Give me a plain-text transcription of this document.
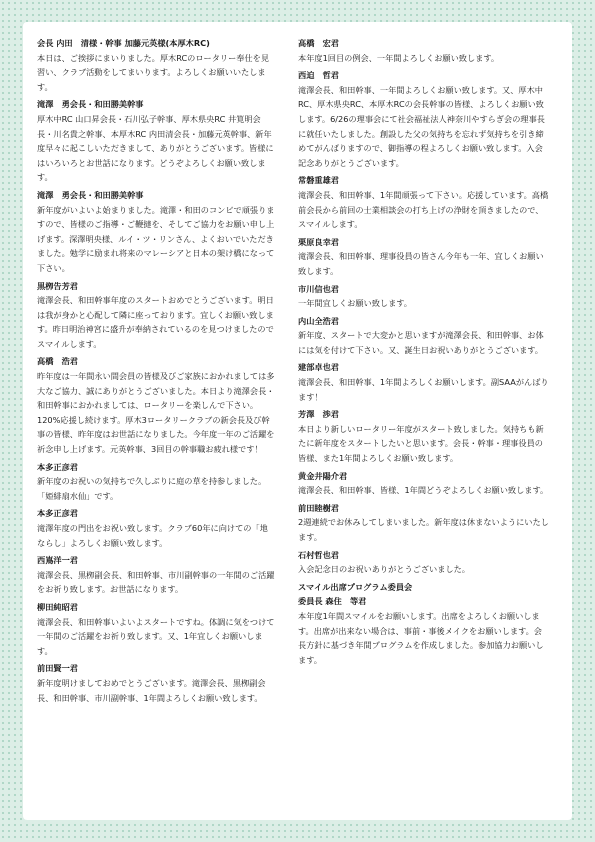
会長 内田　清様・幹事 加藤元英様(本厚木RC)

本日は、ご挨拶にまいりました。厚木RCのロータリー奉仕を見習い、クラブ活動をしてまいります。よろしくお願いいたします。

滝澤　勇会長・和田勝美幹事

厚木中RC 山口昇会長・石川弘子幹事、厚木県央RC 井筧明会長・川名貴之幹事、本厚木RC 内田清会長・加藤元英幹事、新年度早々に起こしいただきまして、ありがとうございます。皆様にはいろいろとお世話になります。どうぞよろしくお願い致します。

滝澤　勇会長・和田勝美幹事

新年度がいよいよ始まりました。滝澤・和田のコンビで頑張りますので、皆様のご指導・ご鞭撻を、そしてご協力をお願い申し上げます。深澤明央様、ルイ・ツ・リンさん、よくおいでいただきました。勉学に励まれ将来のマレーシアと日本の架け橋になって下さい。

黒栁告芳君

滝澤会長、和田幹事年度のスタートおめでとうございます。明日は我が身かと心配して隣に座っております。宜しくお願い致します。昨日明治神宮に盛升が奉納されているのを見つけましたのでスマイルします。

高橋　浩君

昨年度は一年間永い間会員の皆様及びご家族におかれましては多大なご協力、誠にありがとうございました。本日より滝澤会長・和田幹事におかれましては、ロータリーを楽しんで下さい。120%応援し続けます。厚木3ロータリークラブの新会長及び幹事の皆様、昨年度はお世話になりました。今年度一年のご活躍を祈念申し上げます。元英幹事、3回目の幹事職お疲れ様です！

本多正彦君

新年度のお祝いの気持ちで久しぶりに庭の草を持参しました。「姫緋扇水仙」です。

本多正彦君

滝澤年度の門出をお祝い致します。クラブ60年に向けての「地ならし」よろしくお願い致します。

西嶌洋一君

滝澤会長、黒栁副会長、和田幹事、市川副幹事の一年間のご活躍をお祈り致します。お世話になります。

柳田純昭君

滝澤会長、和田幹事いよいよスタートですね。体調に気をつけて一年間のご活躍をお祈り致します。又、1年宜しくお願いします。

前田賢一君

新年度明けましておめでとうございます。滝澤会長、黒栁副会長、和田幹事、市川副幹事、1年間よろしくお願い致します。

高橋　宏君

本年度1回目の例会、一年間よろしくお願い致します。

西迫　哲君

滝澤会長、和田幹事、一年間よろしくお願い致します。又、厚木中RC、厚木県央RC、本厚木RCの会長幹事の皆様、よろしくお願い致します。6/26の理事会にて社会福祉法人神奈川やすらぎ会の理事長に就任いたしました。創設した父の気持ちを忘れず気持ちを引き締めてがんばりますので、御指導の程よろしくお願い致します。入会記念ありがとうございます。

常磐重雄君

滝澤会長、和田幹事、1年間頑張って下さい。応援しています。高橋前会長から前回の士業相談会の打ち上げの浄財を頂きましたので、スマイルします。

栗原良幸君

滝澤会長、和田幹事、理事役員の皆さん今年も一年、宜しくお願い致します。

市川信也君

一年間宜しくお願い致します。

内山全浩君

新年度、スタートで大変かと思いますが滝澤会長、和田幹事、お体には気を付けて下さい。又、誕生日お祝いありがとうございます。

建部卓也君

滝澤会長、和田幹事、1年間よろしくお願いします。副SAAがんばります！

芳澤　渉君

本日より新しいロータリー年度がスタート致しました。気持ちも新たに新年度をスタートしたいと思います。会長・幹事・理事役員の皆様、また1年間よろしくお願い致します。

黄金井陽介君

滝澤会長、和田幹事、皆様、1年間どうぞよろしくお願い致します。

前田睦樹君

2週連続でお休みしてしまいました。新年度は休まないようにいたします。

石村哲也君

入会記念日のお祝いありがとうございました。

スマイル出席プログラム委員会
委員長 森住　等君

本年度1年間スマイルをお願いします。出席をよろしくお願いします。出席が出来ない場合は、事前・事後メイクをお願いします。会長方針に基づき年間プログラムを作成しました。参加協力お願いします。
